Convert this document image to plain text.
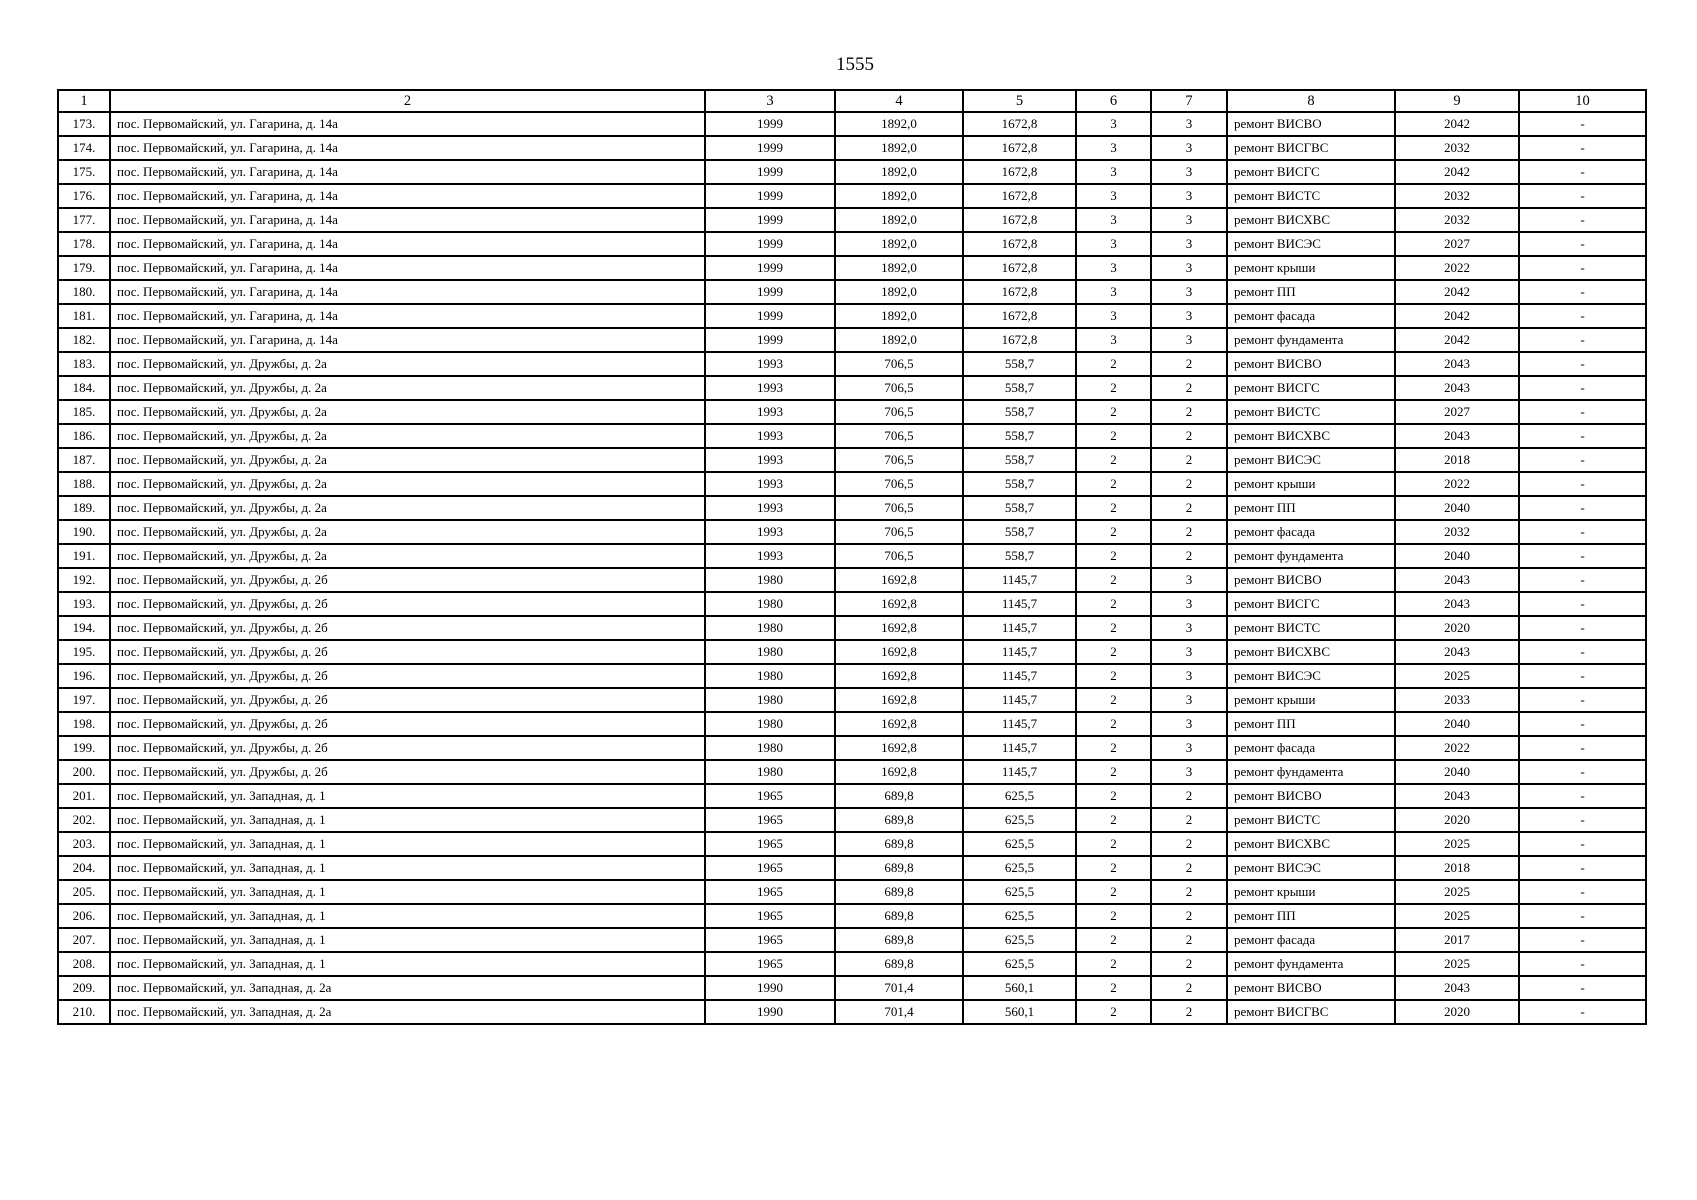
1555
1	2	3	4	5	6	7	8	9	10
173.	пос. Первомайский, ул. Гагарина, д. 14а	1999	1892,0	1672,8	3	3	ремонт ВИСВО	2042	-
174.	пос. Первомайский, ул. Гагарина, д. 14а	1999	1892,0	1672,8	3	3	ремонт ВИСГВС	2032	-
175.	пос. Первомайский, ул. Гагарина, д. 14а	1999	1892,0	1672,8	3	3	ремонт ВИСГС	2042	-
176.	пос. Первомайский, ул. Гагарина, д. 14а	1999	1892,0	1672,8	3	3	ремонт ВИСТС	2032	-
177.	пос. Первомайский, ул. Гагарина, д. 14а	1999	1892,0	1672,8	3	3	ремонт ВИСХВС	2032	-
178.	пос. Первомайский, ул. Гагарина, д. 14а	1999	1892,0	1672,8	3	3	ремонт ВИСЭС	2027	-
179.	пос. Первомайский, ул. Гагарина, д. 14а	1999	1892,0	1672,8	3	3	ремонт крыши	2022	-
180.	пос. Первомайский, ул. Гагарина, д. 14а	1999	1892,0	1672,8	3	3	ремонт ПП	2042	-
181.	пос. Первомайский, ул. Гагарина, д. 14а	1999	1892,0	1672,8	3	3	ремонт фасада	2042	-
182.	пос. Первомайский, ул. Гагарина, д. 14а	1999	1892,0	1672,8	3	3	ремонт фундамента	2042	-
183.	пос. Первомайский, ул. Дружбы, д. 2а	1993	706,5	558,7	2	2	ремонт ВИСВО	2043	-
184.	пос. Первомайский, ул. Дружбы, д. 2а	1993	706,5	558,7	2	2	ремонт ВИСГС	2043	-
185.	пос. Первомайский, ул. Дружбы, д. 2а	1993	706,5	558,7	2	2	ремонт ВИСТС	2027	-
186.	пос. Первомайский, ул. Дружбы, д. 2а	1993	706,5	558,7	2	2	ремонт ВИСХВС	2043	-
187.	пос. Первомайский, ул. Дружбы, д. 2а	1993	706,5	558,7	2	2	ремонт ВИСЭС	2018	-
188.	пос. Первомайский, ул. Дружбы, д. 2а	1993	706,5	558,7	2	2	ремонт крыши	2022	-
189.	пос. Первомайский, ул. Дружбы, д. 2а	1993	706,5	558,7	2	2	ремонт ПП	2040	-
190.	пос. Первомайский, ул. Дружбы, д. 2а	1993	706,5	558,7	2	2	ремонт фасада	2032	-
191.	пос. Первомайский, ул. Дружбы, д. 2а	1993	706,5	558,7	2	2	ремонт фундамента	2040	-
192.	пос. Первомайский, ул. Дружбы, д. 2б	1980	1692,8	1145,7	2	3	ремонт ВИСВО	2043	-
193.	пос. Первомайский, ул. Дружбы, д. 2б	1980	1692,8	1145,7	2	3	ремонт ВИСГС	2043	-
194.	пос. Первомайский, ул. Дружбы, д. 2б	1980	1692,8	1145,7	2	3	ремонт ВИСТС	2020	-
195.	пос. Первомайский, ул. Дружбы, д. 2б	1980	1692,8	1145,7	2	3	ремонт ВИСХВС	2043	-
196.	пос. Первомайский, ул. Дружбы, д. 2б	1980	1692,8	1145,7	2	3	ремонт ВИСЭС	2025	-
197.	пос. Первомайский, ул. Дружбы, д. 2б	1980	1692,8	1145,7	2	3	ремонт крыши	2033	-
198.	пос. Первомайский, ул. Дружбы, д. 2б	1980	1692,8	1145,7	2	3	ремонт ПП	2040	-
199.	пос. Первомайский, ул. Дружбы, д. 2б	1980	1692,8	1145,7	2	3	ремонт фасада	2022	-
200.	пос. Первомайский, ул. Дружбы, д. 2б	1980	1692,8	1145,7	2	3	ремонт фундамента	2040	-
201.	пос. Первомайский, ул. Западная, д. 1	1965	689,8	625,5	2	2	ремонт ВИСВО	2043	-
202.	пос. Первомайский, ул. Западная, д. 1	1965	689,8	625,5	2	2	ремонт ВИСТС	2020	-
203.	пос. Первомайский, ул. Западная, д. 1	1965	689,8	625,5	2	2	ремонт ВИСХВС	2025	-
204.	пос. Первомайский, ул. Западная, д. 1	1965	689,8	625,5	2	2	ремонт ВИСЭС	2018	-
205.	пос. Первомайский, ул. Западная, д. 1	1965	689,8	625,5	2	2	ремонт крыши	2025	-
206.	пос. Первомайский, ул. Западная, д. 1	1965	689,8	625,5	2	2	ремонт ПП	2025	-
207.	пос. Первомайский, ул. Западная, д. 1	1965	689,8	625,5	2	2	ремонт фасада	2017	-
208.	пос. Первомайский, ул. Западная, д. 1	1965	689,8	625,5	2	2	ремонт фундамента	2025	-
209.	пос. Первомайский, ул. Западная, д. 2а	1990	701,4	560,1	2	2	ремонт ВИСВО	2043	-
210.	пос. Первомайский, ул. Западная, д. 2а	1990	701,4	560,1	2	2	ремонт ВИСГВС	2020	-
